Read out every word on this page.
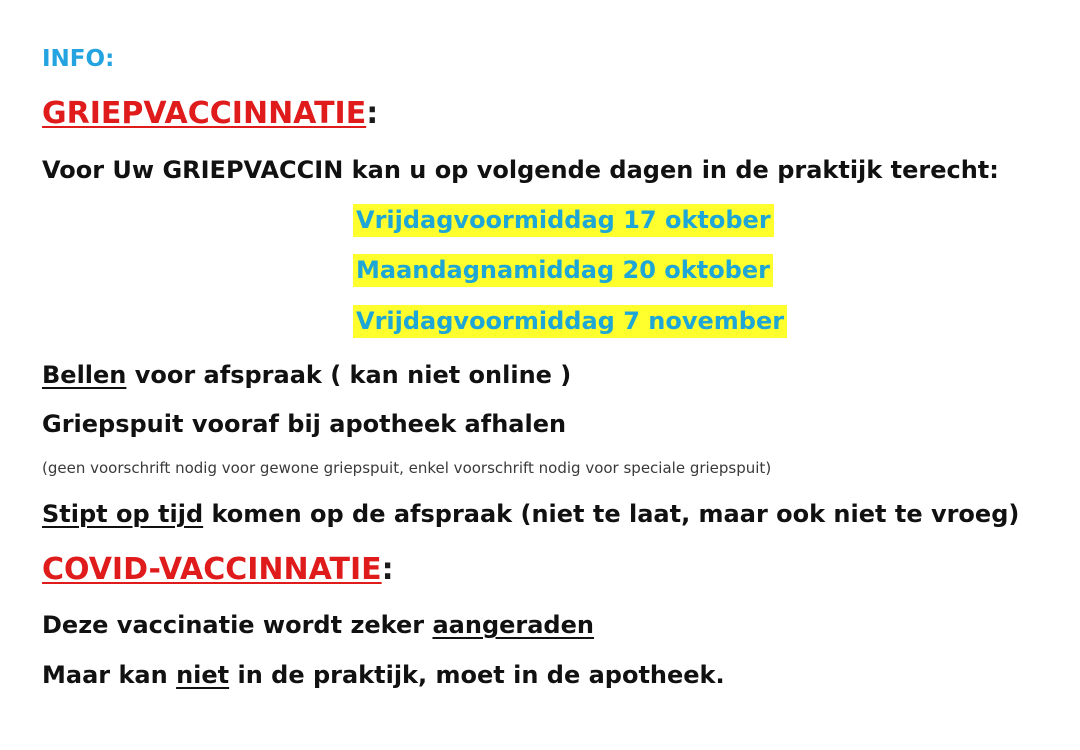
INFO:
GRIEPVACCINNATIE:
Voor Uw GRIEPVACCIN kan u op volgende dagen in de praktijk terecht:
Vrijdagvoormiddag 17 oktober
Maandagnamiddag 20 oktober
Vrijdagvoormiddag 7 november
Bellen voor afspraak ( kan niet online )
Griepspuit vooraf bij apotheek afhalen
(geen voorschrift nodig voor gewone griepspuit, enkel voorschrift nodig voor speciale griepspuit)
Stipt op tijd komen op de afspraak (niet te laat, maar ook niet te vroeg)
COVID-VACCINNATIE:
Deze vaccinatie wordt zeker aangeraden
Maar kan niet in de praktijk, moet in de apotheek.
